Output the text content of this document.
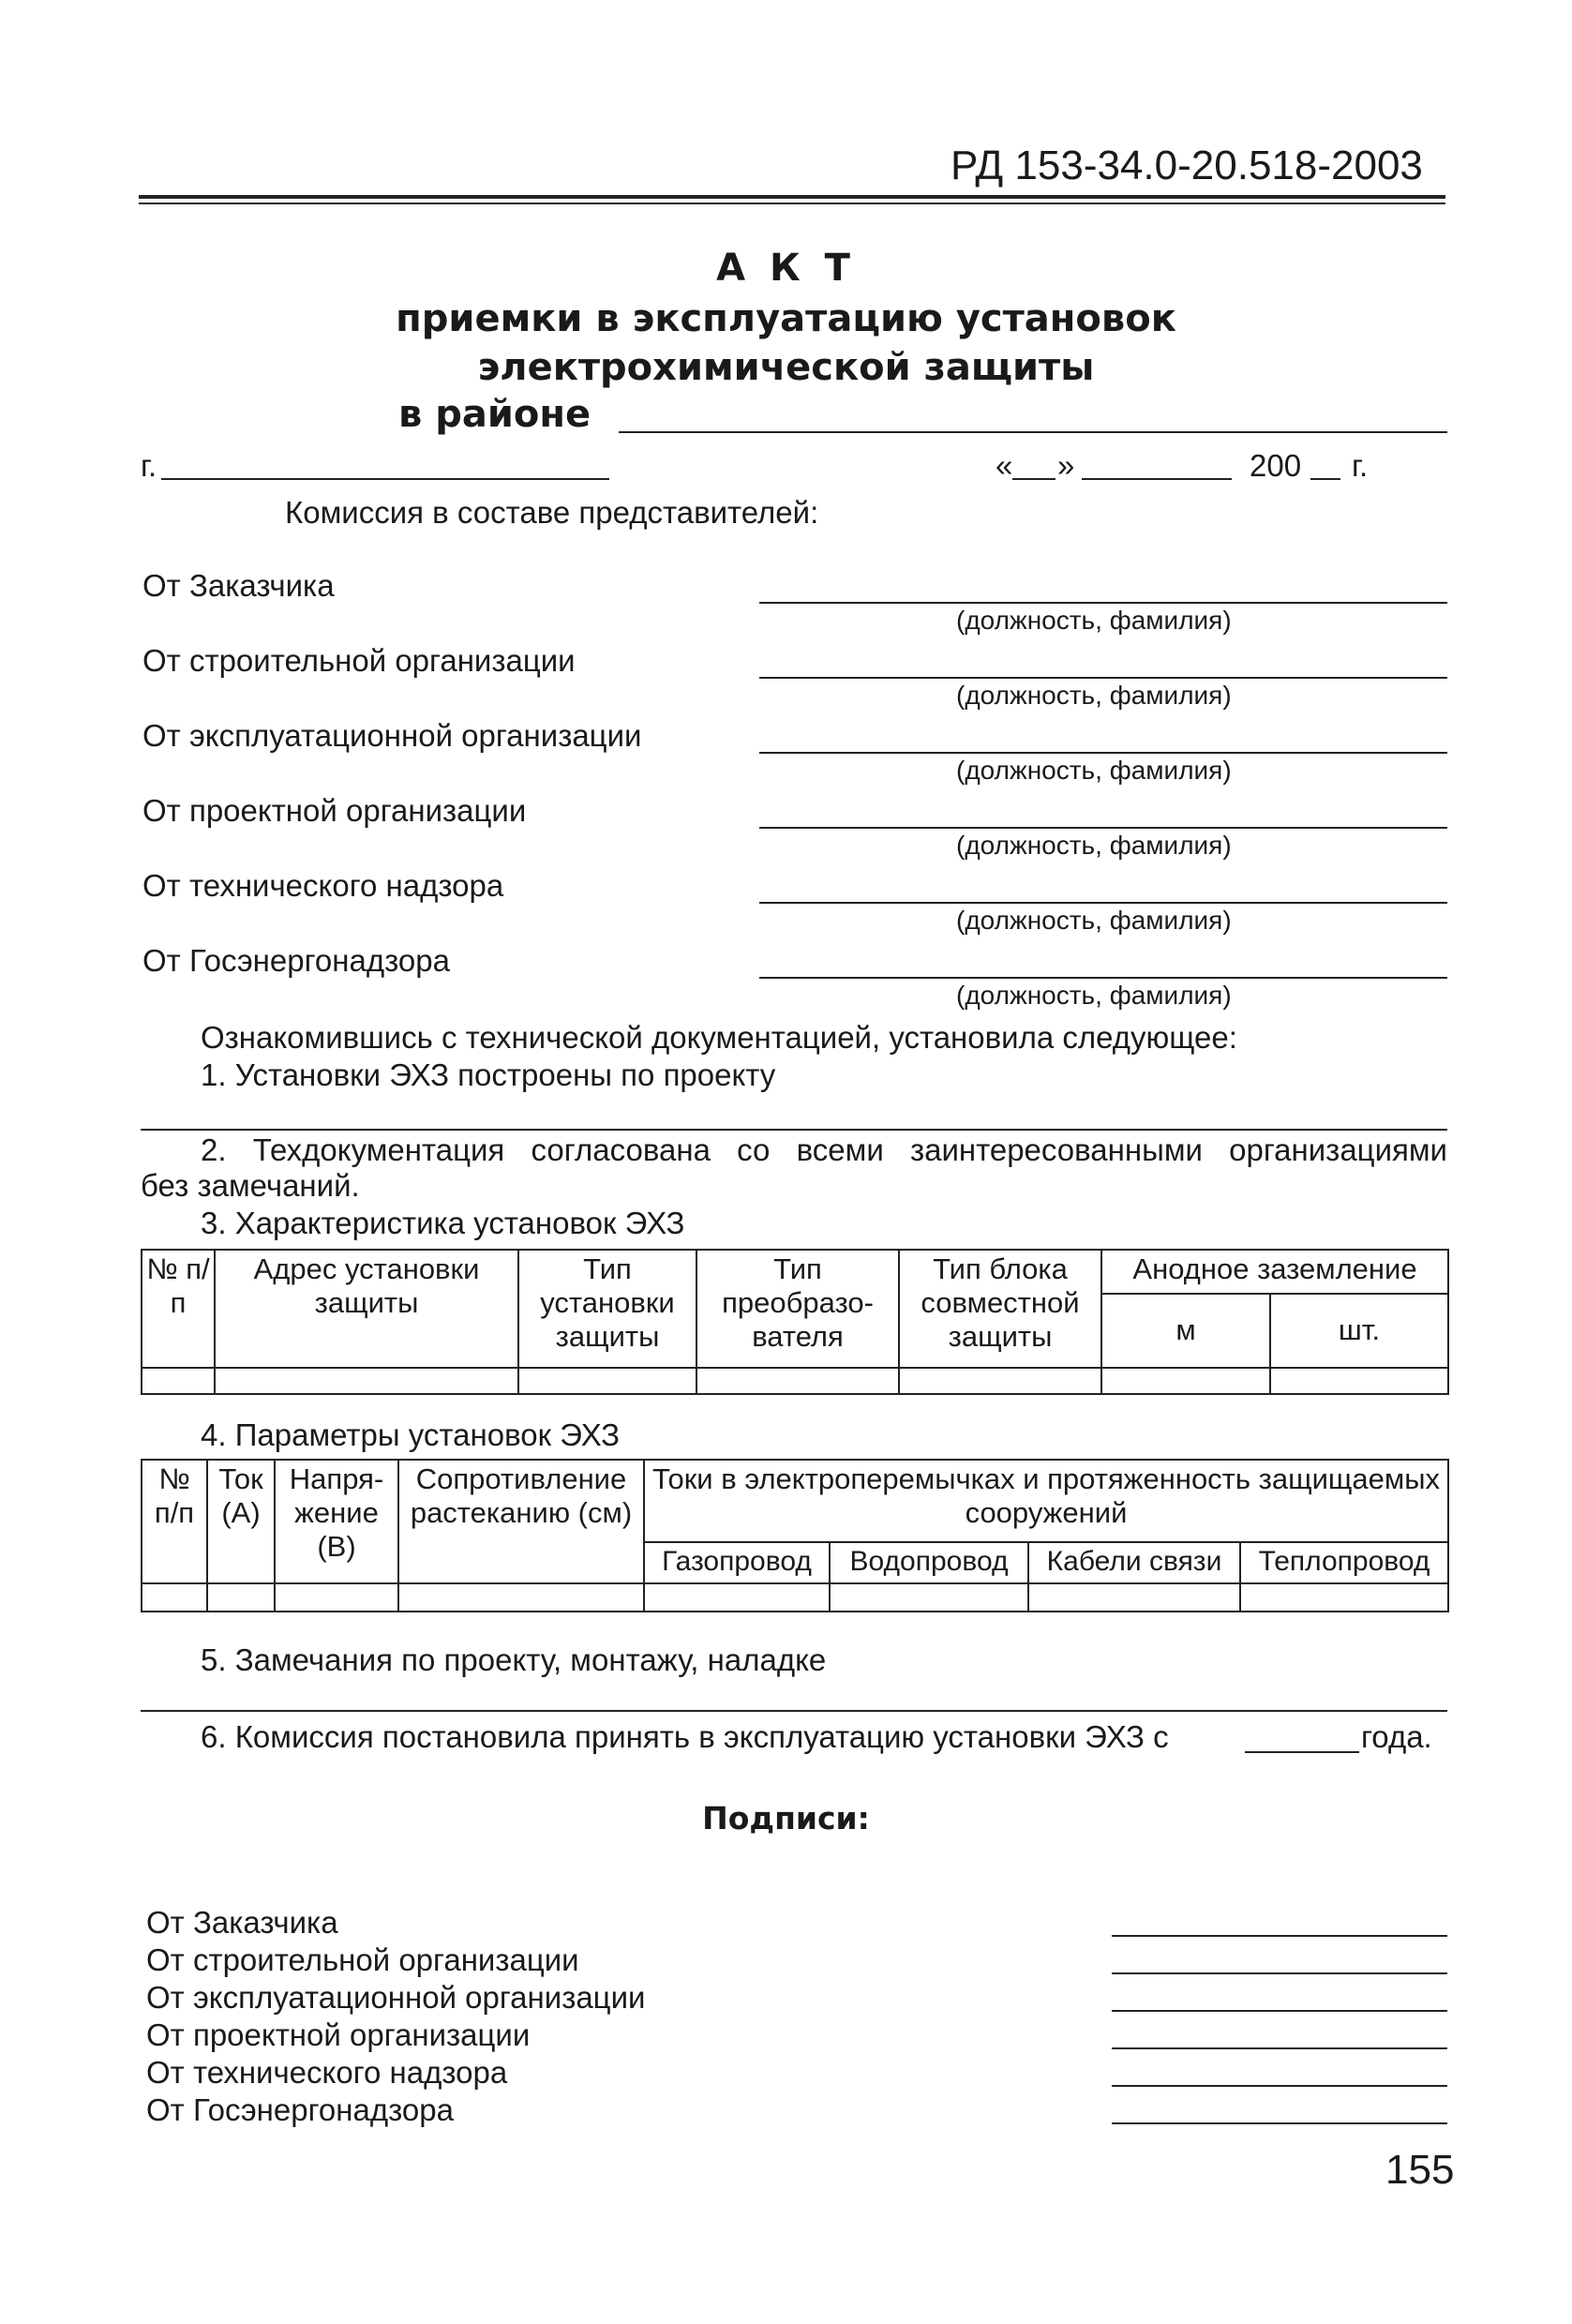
РД 153-34.0-20.518-2003
А К Т
приемки в эксплуатацию установок
электрохимической защиты
в районе
г.	« »	200 г.
Комиссия в составе представителей:
От Заказчика
(должность, фамилия)
От строительной организации
(должность, фамилия)
От эксплуатационной организации
(должность, фамилия)
От проектной организации
(должность, фамилия)
От технического надзора
(должность, фамилия)
От Госэнергонадзора
(должность, фамилия)
Ознакомившись с технической документацией, установила следующее:
1. Установки ЭХЗ построены по проекту
2. Техдокументация согласована со всеми заинтересованными организациями
без замечаний.
3. Характеристика установок ЭХЗ
№ п/п	Адрес установки защиты	Тип установки защиты	Тип преобразо-вателя	Тип блока совместной защиты	Анодное заземление	
					м	шт.

4. Параметры установок ЭХЗ
№ п/п	Ток (А)	Напря-жение (В)	Сопротивление растеканию (см)	Токи в электроперемычках и протяженность защищаемых сооружений			
				Газопровод	Водопровод	Кабели связи	Теплопровод

5. Замечания по проекту, монтажу, наладке
6. Комиссия постановила принять в эксплуатацию установки ЭХЗ с	года.
Подписи:
От Заказчика
От строительной организации
От эксплуатационной организации
От проектной организации
От технического надзора
От Госэнергонадзора
155
